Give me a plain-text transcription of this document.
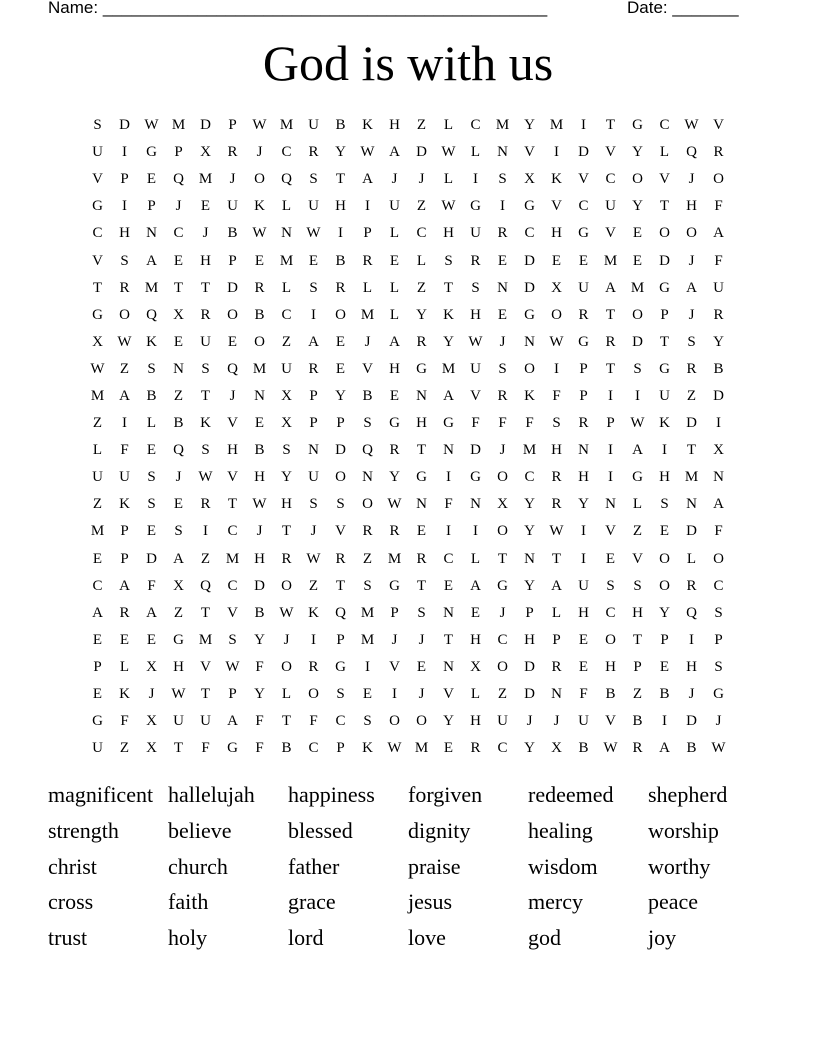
Name: _______________________________________________	Date: _______
God is with us
S	D W M D	P	W M U	B	K	H	Z	L	C	M Y M	I	T	G	C W V
U	I	G	P	X	R	J	C	R	Y W A	D W	L	N	V	I	D	V	Y	L	Q	R
V	P	E	Q M	J	O	Q	S	T	A	J	J	L	I	S	X	K	V	C	O	V	J	O
G	I	P	J	E	U	K	L	U	H	I	U	Z	W G	I	G	V	C	U	Y	T	H	F
C	H	N	C	J	B W N W	I	P	L	C	H	U	R	C	H	G	V	E	O	O	A
V	S	A	E	H	P	E	M	E	B	R	E	L	S	R	E	D	E	E	M	E	D	J	F
T	R	M	T	T	D	R	L	S	R	L	L	Z	T	S	N	D	X	U	A M G	A	U
G	O	Q	X	R	O	B	C	I	O M	L	Y	K	H	E	G	O	R	T	O	P	J	R
X W K	E	U	E	O	Z	A	E	J	A	R	Y W	J	N W G	R	D	T	S	Y
W	Z	S	N	S	Q M U	R	E	V	H	G M U	S	O	I	P	T	S	G	R	B
M A	B	Z	T	J	N	X	P	Y	B	E	N	A	V	R	K	F	P	I	I	U	Z	D
Z	I	L	B	K	V	E	X	P	P	S	G	H	G	F	F	F	S	R	P	W K	D	I
L	F	E	Q	S	H	B	S	N	D	Q	R	T	N	D	J	M H	N	I	A	I	T	X
U	U	S	J	W V	H	Y	U	O	N	Y	G	I	G	O	C	R	H	I	G	H M N
Z	K	S	E	R	T	W H	S	S	O W N	F	N	X	Y	R	Y	N	L	S	N	A
M	P	E	S	I	C	J	T	J	V	R	R	E	I	I	O	Y W	I	V	Z	E	D	F
E	P	D	A	Z	M H	R W R	Z	M	R	C	L	T	N	T	I	E	V	O	L	O
C	A	F	X	Q	C	D	O	Z	T	S	G	T	E	A	G	Y	A	U	S	S	O	R	C
A	R	A	Z	T	V	B W K	Q M	P	S	N	E	J	P	L	H	C	H	Y	Q	S
E	E	E	G M	S	Y	J	I	P	M	J	J	T	H	C	H	P	E	O	T	P	I	P
P	L	X	H	V W	F	O	R	G	I	V	E	N	X	O	D	R	E	H	P	E	H	S
E	K	J	W	T	P	Y	L	O	S	E	I	J	V	L	Z	D	N	F	B	Z	B	J	G
G	F	X	U	U	A	F	T	F	C	S	O	O	Y	H	U	J	J	U	V	B	I	D	J
U	Z	X	T	F	G	F	B	C	P	K W M	E	R	C	Y	X	B W R	A	B W
magnificent hallelujah	happiness	forgiven	redeemed	shepherd
strength	believe	blessed	dignity	healing	worship
christ	church	father	praise	wisdom	worthy
cross	faith	grace	jesus	mercy	peace
trust	holy	lord	love	god	joy
